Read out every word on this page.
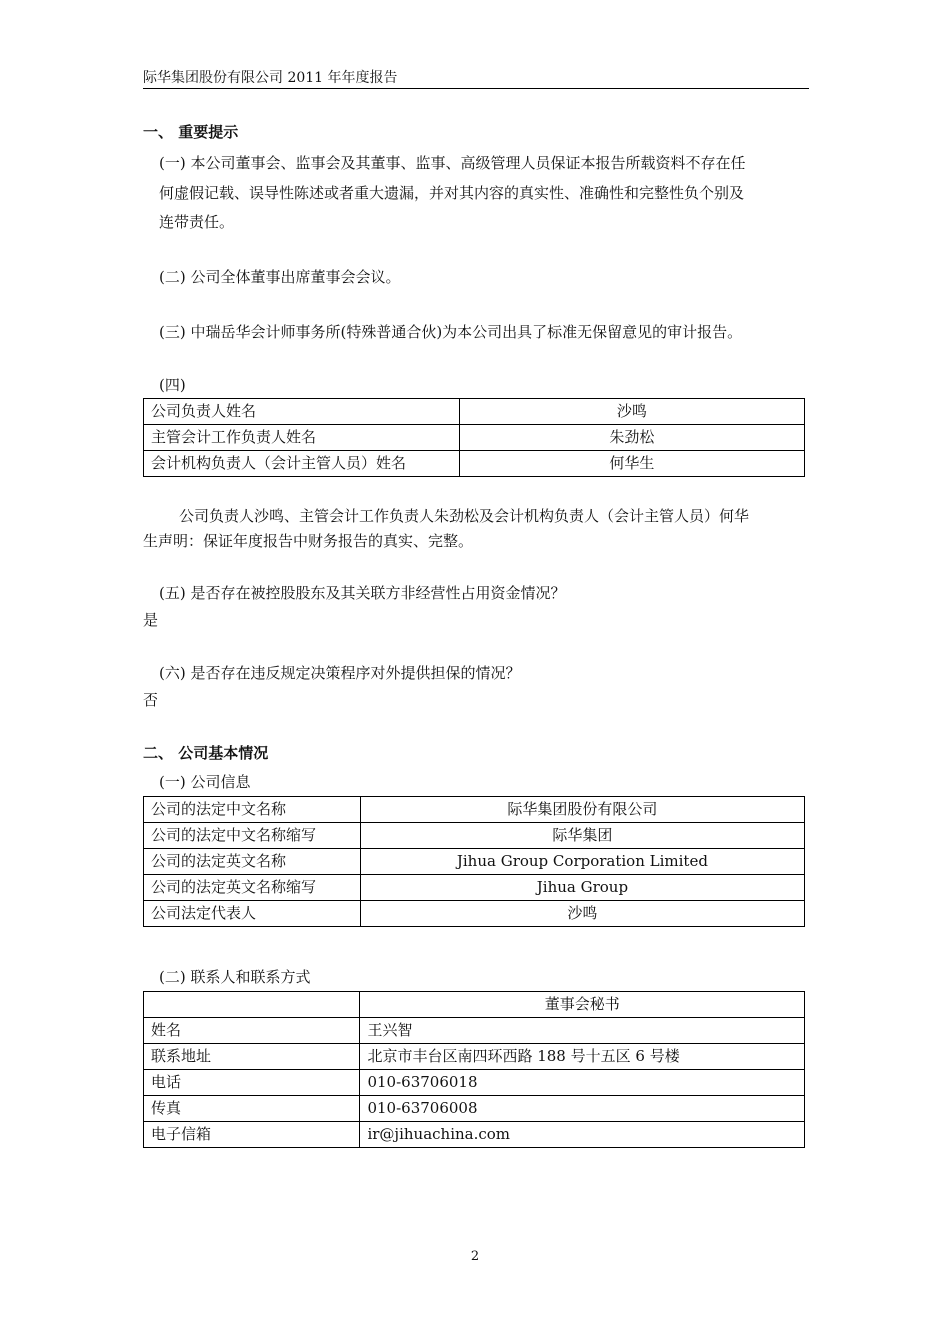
际华集团股份有限公司 2011 年年度报告
一、 重要提示
(一) 本公司董事会、监事会及其董事、监事、高级管理人员保证本报告所载资料不存在任
何虚假记载、误导性陈述或者重大遗漏，并对其内容的真实性、准确性和完整性负个别及
连带责任。
(二) 公司全体董事出席董事会会议。
(三) 中瑞岳华会计师事务所(特殊普通合伙)为本公司出具了标准无保留意见的审计报告。
(四)
公司负责人姓名	沙鸣
主管会计工作负责人姓名	朱劲松
会计机构负责人（会计主管人员）姓名	何华生
公司负责人沙鸣、主管会计工作负责人朱劲松及会计机构负责人（会计主管人员）何华
生声明：保证年度报告中财务报告的真实、完整。
(五) 是否存在被控股股东及其关联方非经营性占用资金情况？
是
(六) 是否存在违反规定决策程序对外提供担保的情况？
否
二、 公司基本情况
(一) 公司信息
公司的法定中文名称	际华集团股份有限公司
公司的法定中文名称缩写	际华集团
公司的法定英文名称	Jihua Group Corporation Limited
公司的法定英文名称缩写	Jihua Group
公司法定代表人	沙鸣
(二) 联系人和联系方式
	董事会秘书
姓名	王兴智
联系地址	北京市丰台区南四环西路 188 号十五区 6 号楼
电话	010-63706018
传真	010-63706008
电子信箱	ir@jihuachina.com
2
